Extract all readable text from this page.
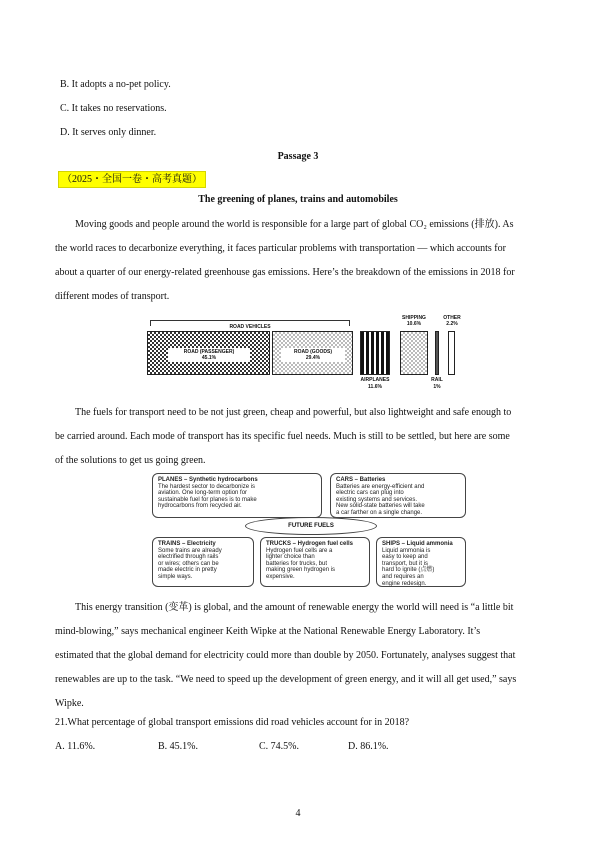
B. It adopts a no-pet policy.
C. It takes no reservations.
D. It serves only dinner.
Passage 3
（2025・全国一卷・高考真题）
The greening of planes, trains and automobiles
Moving goods and people around the world is responsible for a large part of global CO₂ emissions (排放). As
the world races to decarbonize everything, it faces particular problems with transportation — which accounts for
about a quarter of our energy-related greenhouse gas emissions. Here’s the breakdown of the emissions in 2018 for
different modes of transport.
ROAD VEHICLES
ROAD (PASSENGER)
45.1%
ROAD (GOODS)
29.4%
AIRPLANES
11.6%
SHIPPING
10.6%
RAIL
1%
OTHER
2.2%
The fuels for transport need to be not just green, cheap and powerful, but also lightweight and safe enough to
be carried around. Each mode of transport has its specific fuel needs. Much is still to be settled, but here are some
of the solutions to get us going green.
PLANES – Synthetic hydrocarbons
The hardest sector to decarbonize is
aviation. One long-term option for
sustainable fuel for planes is to make
hydrocarbons from recycled air.
CARS – Batteries
Batteries are energy-efficient and
electric cars can plug into
existing systems and services.
New solid-state batteries will take
a car farther on a single change.
FUTURE FUELS
TRAINS – Electricity
Some trains are already
electrified through rails
or wires; others can be
made electric in pretty
simple ways.
TRUCKS – Hydrogen fuel cells
Hydrogen fuel cells are a
lighter choice than
batteries for trucks, but
making green hydrogen is
expensive.
SHIPS – Liquid ammonia
Liquid ammonia is
easy to keep and
transport, but it is
hard to ignite (点燃)
and requires an
engine redesign.
This energy transition (变革) is global, and the amount of renewable energy the world will need is “a little bit
mind-blowing,” says mechanical engineer Keith Wipke at the National Renewable Energy Laboratory. It’s
estimated that the global demand for electricity could more than double by 2050. Fortunately, analyses suggest that
renewables are up to the task. “We need to speed up the development of green energy, and it will all get used,” says
Wipke.
21.What percentage of global transport emissions did road vehicles account for in 2018?
A. 11.6%.	B. 45.1%.	C. 74.5%.	D. 86.1%.
4
